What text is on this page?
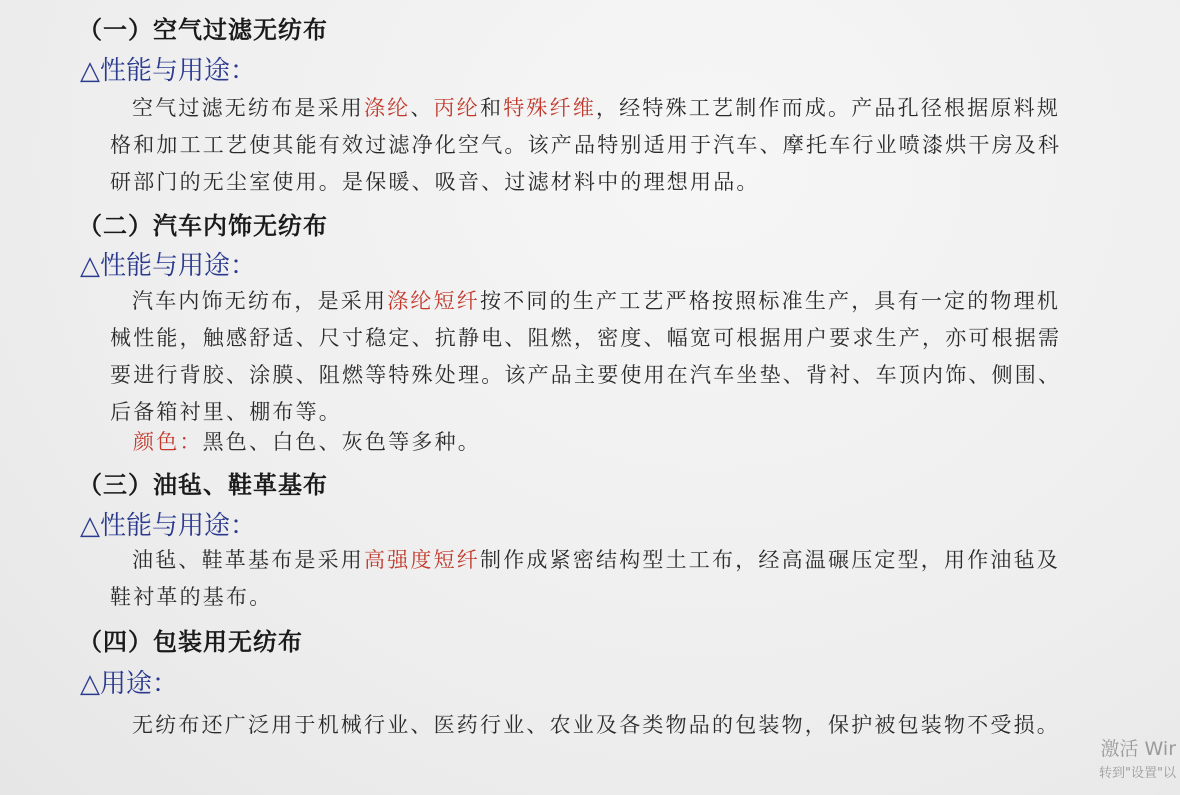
（一）空气过滤无纺布
△性能与用途：
空气过滤无纺布是采用涤纶、丙纶和特殊纤维，经特殊工艺制作而成。产品孔径根据原料规格和加工工艺使其能有效过滤净化空气。该产品特别适用于汽车、摩托车行业喷漆烘干房及科研部门的无尘室使用。是保暖、吸音、过滤材料中的理想用品。
（二）汽车内饰无纺布
△性能与用途：
汽车内饰无纺布，是采用涤纶短纤按不同的生产工艺严格按照标准生产，具有一定的物理机械性能，触感舒适、尺寸稳定、抗静电、阻燃，密度、幅宽可根据用户要求生产，亦可根据需要进行背胶、涂膜、阻燃等特殊处理。该产品主要使用在汽车坐垫、背衬、车顶内饰、侧围、后备箱衬里、棚布等。
颜色：黑色、白色、灰色等多种。
（三）油毡、鞋革基布
△性能与用途：
油毡、鞋革基布是采用高强度短纤制作成紧密结构型土工布，经高温碾压定型，用作油毡及鞋衬革的基布。
（四）包装用无纺布
△用途：
无纺布还广泛用于机械行业、医药行业、农业及各类物品的包装物，保护被包装物不受损。
激活 Wir
转到"设置"以
